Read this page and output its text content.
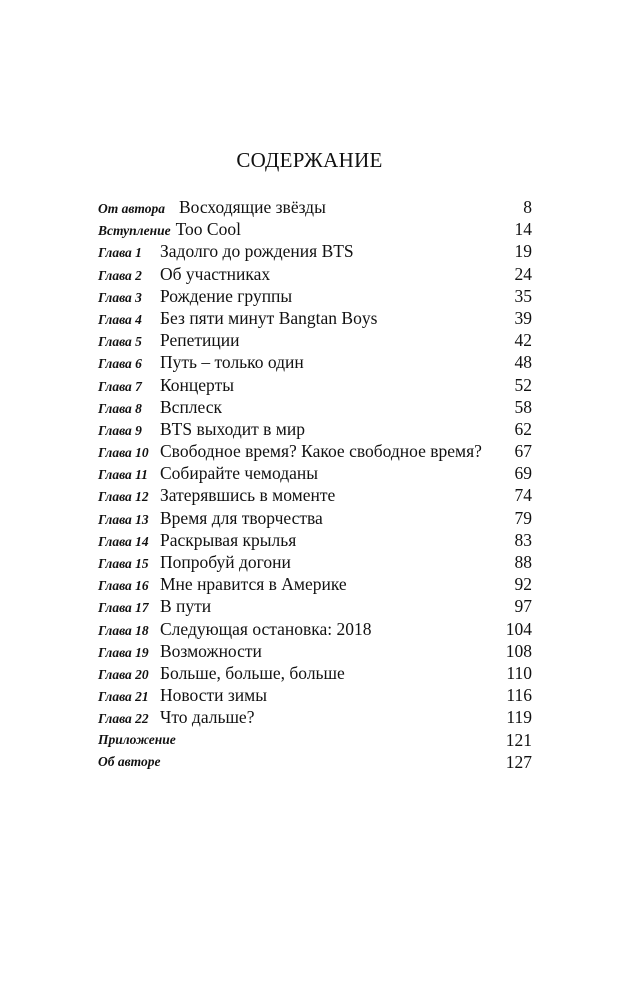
СОДЕРЖАНИЕ
От автора Восходящие звёзды	8
Вступление Too Cool	14
Глава 1 Задолго до рождения BTS	19
Глава 2 Об участниках	24
Глава 3 Рождение группы	35
Глава 4 Без пяти минут Bangtan Boys	39
Глава 5 Репетиции	42
Глава 6 Путь – только один	48
Глава 7 Концерты	52
Глава 8 Всплеск	58
Глава 9 BTS выходит в мир	62
Глава 10 Свободное время? Какое свободное время? 67
Глава 11 Собирайте чемоданы	69
Глава 12 Затерявшись в моменте	74
Глава 13 Время для творчества	79
Глава 14 Раскрывая крылья	83
Глава 15 Попробуй догони	88
Глава 16 Мне нравится в Америке	92
Глава 17 В пути	97
Глава 18 Следующая остановка: 2018	104
Глава 19 Возможности	108
Глава 20 Больше, больше, больше	110
Глава 21 Новости зимы	116
Глава 22 Что дальше?	119
Приложение	121
Об авторе	127
